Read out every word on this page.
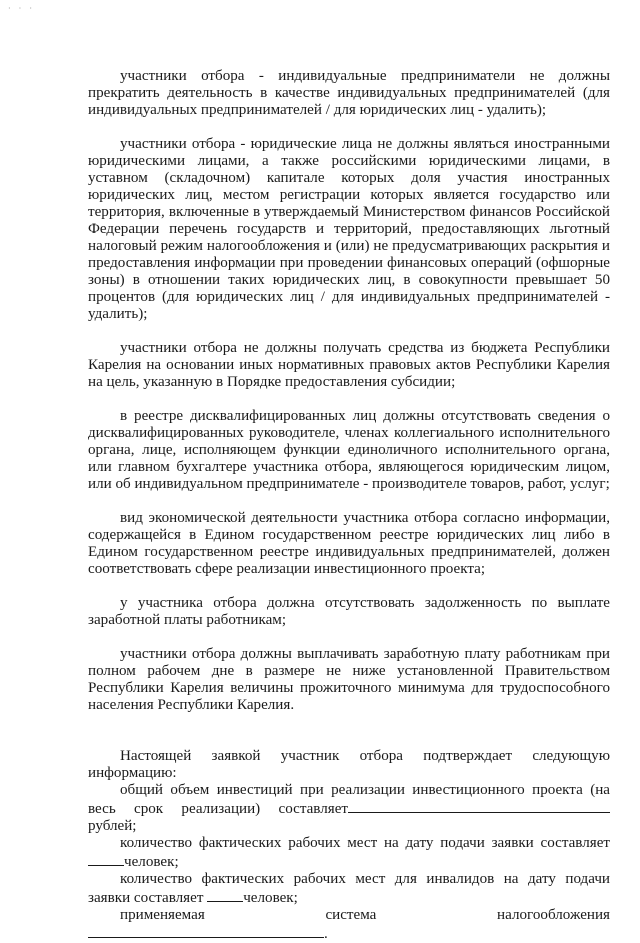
· · ·

участники отбора - индивидуальные предприниматели не должны прекратить деятельность в качестве индивидуальных предпринимателей (для индивидуальных предпринимателей / для юридических лиц - удалить);

участники отбора - юридические лица не должны являться иностранными юридическими лицами, а также российскими юридическими лицами, в уставном (складочном) капитале которых доля участия иностранных юридических лиц, местом регистрации которых является государство или территория, включенные в утверждаемый Министерством финансов Российской Федерации перечень государств и территорий, предоставляющих льготный налоговый режим налогообложения и (или) не предусматривающих раскрытия и предоставления информации при проведении финансовых операций (офшорные зоны) в отношении таких юридических лиц, в совокупности превышает 50 процентов (для юридических лиц / для индивидуальных предпринимателей - удалить);

участники отбора не должны получать средства из бюджета Республики Карелия на основании иных нормативных правовых актов Республики Карелия на цель, указанную в Порядке предоставления субсидии;

в реестре дисквалифицированных лиц должны отсутствовать сведения о дисквалифицированных руководителе, членах коллегиального исполнительного органа, лице, исполняющем функции единоличного исполнительного органа, или главном бухгалтере участника отбора, являющегося юридическим лицом, или об индивидуальном предпринимателе - производителе товаров, работ, услуг;

вид экономической деятельности участника отбора согласно информации, содержащейся в Едином государственном реестре юридических лиц либо в Едином государственном реестре индивидуальных предпринимателей, должен соответствовать сфере реализации инвестиционного проекта;

у участника отбора должна отсутствовать задолженность по выплате заработной платы работникам;

участники отбора должны выплачивать заработную плату работникам при полном рабочем дне в размере не ниже установленной Правительством Республики Карелия величины прожиточного минимума для трудоспособного населения Республики Карелия.

Настоящей заявкой участник отбора подтверждает следующую информацию:

общий объем инвестиций при реализации инвестиционного проекта (на весь срок реализации) составляет рублей;

количество фактических рабочих мест на дату подачи заявки составляет человек;

количество фактических рабочих мест для инвалидов на дату подачи заявки составляет	человек;

применяемая система налогообложения .
